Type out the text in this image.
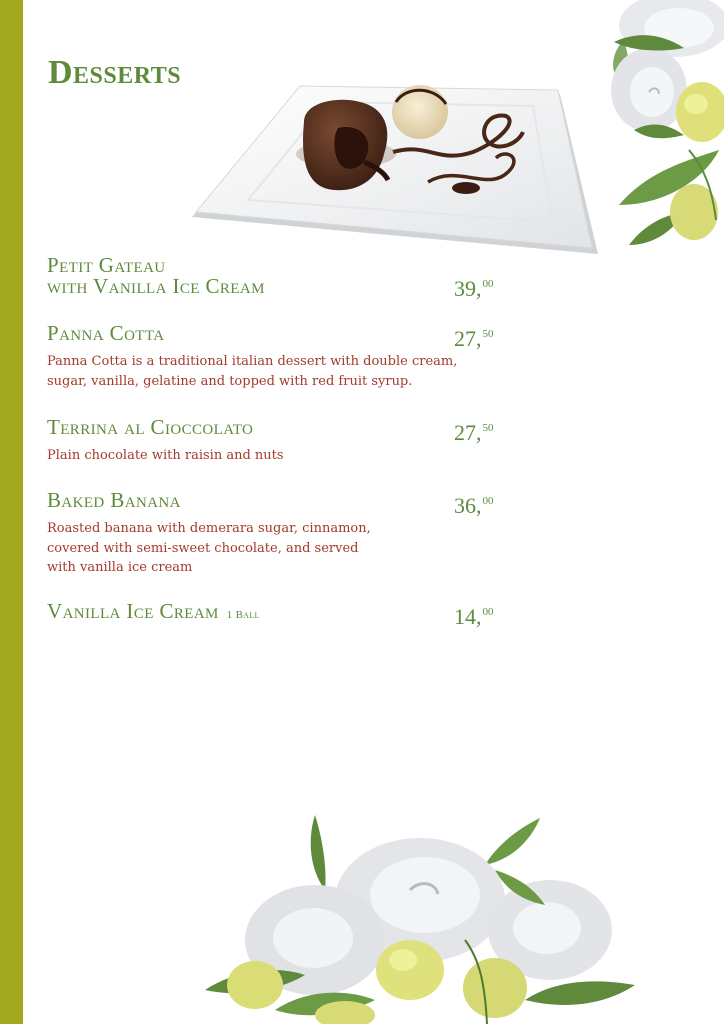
Desserts
Petit Gateau
with Vanilla Ice Cream	39,00
Panna Cotta	27,50

Panna Cotta is a traditional italian dessert with double cream,
sugar, vanilla, gelatine and topped with red fruit syrup.

Terrina al Cioccolato	27,50

Plain chocolate with raisin and nuts

Baked Banana	36,00

Roasted banana with demerara sugar, cinnamon,
covered with semi-sweet chocolate, and served
with vanilla ice cream

Vanilla Ice Cream 1 Ball	14,00
